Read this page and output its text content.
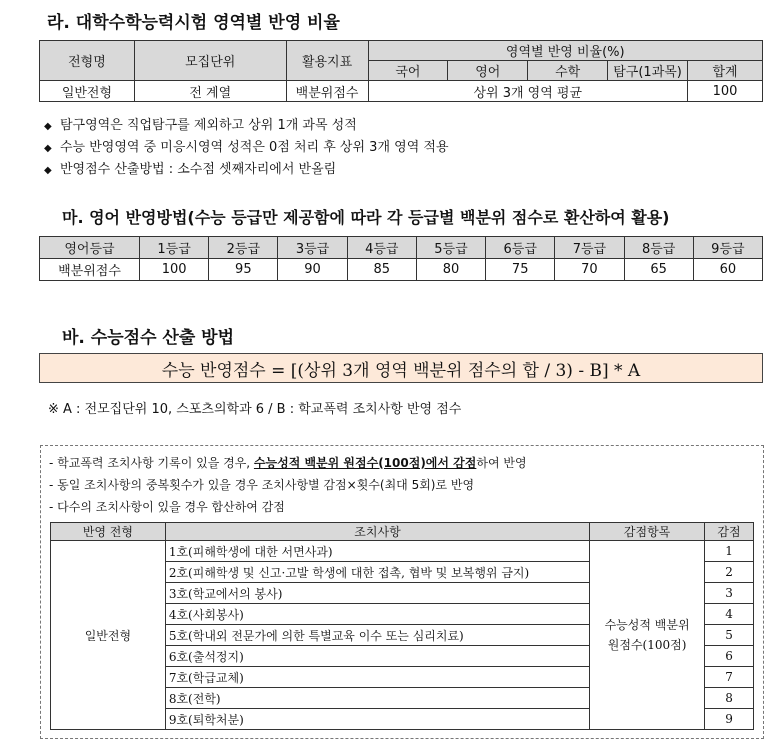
라. 대학수학능력시험 영역별 반영 비율
전형명	모집단위	활용지표	영역별 반영 비율(%)				
			국어	영어	수학	탐구(1과목)	합계
일반전형	전 계열	백분위점수	상위 3개 영역 평균				100
◆ 탐구영역은 직업탐구를 제외하고 상위 1개 과목 성적
◆ 수능 반영영역 중 미응시영역 성적은 0점 처리 후 상위 3개 영역 적용
◆ 반영점수 산출방법 : 소수점 셋째자리에서 반올림
마. 영어 반영방법(수능 등급만 제공함에 따라 각 등급별 백분위 점수로 환산하여 활용)
영어등급	1등급	2등급	3등급	4등급	5등급	6등급	7등급	8등급	9등급
백분위점수	100	95	90	85	80	75	70	65	60
바. 수능점수 산출 방법
수능 반영점수 = [(상위 3개 영역 백분위 점수의 합 / 3) - B] * A
※ A : 전모집단위 10, 스포츠의학과 6 / B : 학교폭력 조치사항 반영 점수
- 학교폭력 조치사항 기록이 있을 경우, 수능성적 백분위 원점수(100점)에서 감점하여 반영
- 동일 조치사항의 중복횟수가 있을 경우 조치사항별 감점×횟수(최대 5회)로 반영
- 다수의 조치사항이 있을 경우 합산하여 감점
반영 전형	조치사항	감점항목	감점
일반전형	1호(피해학생에 대한 서면사과)	수능성적 백분위 원점수(100점)	1
	2호(피해학생 및 신고·고발 학생에 대한 접촉, 협박 및 보복행위 금지)		2
	3호(학교에서의 봉사)		3
	4호(사회봉사)		4
	5호(학내외 전문가에 의한 특별교육 이수 또는 심리치료)		5
	6호(출석정지)		6
	7호(학급교체)		7
	8호(전학)		8
	9호(퇴학처분)		9
